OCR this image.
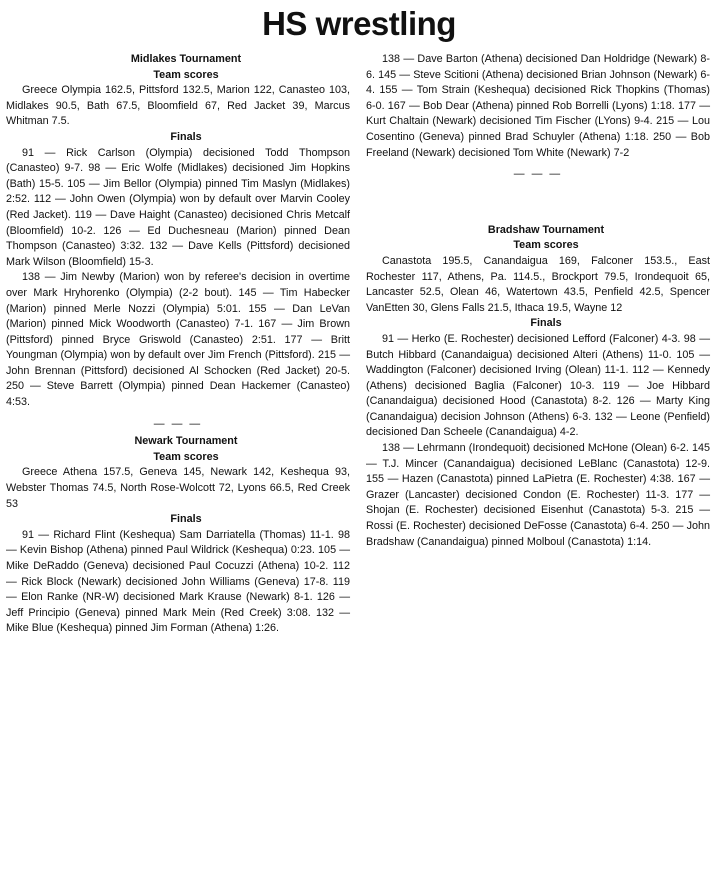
HS wrestling

Midlakes Tournament

Team scores

Greece Olympia 162.5, Pittsford 132.5, Marion 122, Canasteo 103, Midlakes 90.5, Bath 67.5, Bloomfield 67, Red Jacket 39, Marcus Whitman 7.5.

Finals

91 — Rick Carlson (Olympia) decisioned Todd Thompson (Canasteo) 9-7. 98 — Eric Wolfe (Midlakes) decisioned Jim Hopkins (Bath) 15-5. 105 — Jim Bellor (Olympia) pinned Tim Maslyn (Midlakes) 2:52. 112 — John Owen (Olympia) won by default over Marvin Cooley (Red Jacket). 119 — Dave Haight (Canasteo) decisioned Chris Metcalf (Bloomfield) 10-2. 126 — Ed Duchesneau (Marion) pinned Dean Thompson (Canasteo) 3:32. 132 — Dave Kells (Pittsford) decisioned Mark Wilson (Bloomfield) 15-3.

138 — Jim Newby (Marion) won by referee's decision in overtime over Mark Hryhorenko (Olympia) (2-2 bout). 145 — Tim Habecker (Marion) pinned Merle Nozzi (Olympia) 5:01. 155 — Dan LeVan (Marion) pinned Mick Woodworth (Canasteo) 7-1. 167 — Jim Brown (Pittsford) pinned Bryce Griswold (Canasteo) 2:51. 177 — Britt Youngman (Olympia) won by default over Jim French (Pittsford). 215 — John Brennan (Pittsford) decisioned Al Schocken (Red Jacket) 20-5. 250 — Steve Barrett (Olympia) pinned Dean Hackemer (Canasteo) 4:53.

— — —

Newark Tournament

Team scores

Greece Athena 157.5, Geneva 145, Newark 142, Keshequa 93, Webster Thomas 74.5, North Rose-Wolcott 72, Lyons 66.5, Red Creek 53

Finals

91 — Richard Flint (Keshequa) Sam Darriatella (Thomas) 11-1. 98 — Kevin Bishop (Athena) pinned Paul Wildrick (Keshequa) 0:23. 105 — Mike DeRaddo (Geneva) decisioned Paul Cocuzzi (Athena) 10-2. 112 — Rick Block (Newark) decisioned John Williams (Geneva) 17-8. 119 — Elon Ranke (NR-W) decisioned Mark Krause (Newark) 8-1. 126 — Jeff Principio (Geneva) pinned Mark Mein (Red Creek) 3:08. 132 — Mike Blue (Keshequa) pinned Jim Forman (Athena) 1:26.

138 — Dave Barton (Athena) decisioned Dan Holdridge (Newark) 8-6. 145 — Steve Scitioni (Athena) decisioned Brian Johnson (Newark) 6-4. 155 — Tom Strain (Keshequa) decisioned Rick Thopkins (Thomas) 6-0. 167 — Bob Dear (Athena) pinned Rob Borrelli (Lyons) 1:18. 177 — Kurt Chaltain (Newark) decisioned Tim Fischer (LYons) 9-4. 215 — Lou Cosentino (Geneva) pinned Brad Schuyler (Athena) 1:18. 250 — Bob Freeland (Newark) decisioned Tom White (Newark) 7-2

— — —

Bradshaw Tournament

Team scores

Canastota 195.5, Canandaigua 169, Falconer 153.5., East Rochester 117, Athens, Pa. 114.5., Brockport 79.5, Irondequoit 65, Lancaster 52.5, Olean 46, Watertown 43.5, Penfield 42.5, Spencer VanEtten 30, Glens Falls 21.5, Ithaca 19.5, Wayne 12

Finals

91 — Herko (E. Rochester) decisioned Lefford (Falconer) 4-3. 98 — Butch Hibbard (Canandaigua) decisioned Alteri (Athens) 11-0. 105 — Waddington (Falconer) decisioned Irving (Olean) 11-1. 112 — Kennedy (Athens) decisioned Baglia (Falconer) 10-3. 119 — Joe Hibbard (Canandaigua) decisioned Hood (Canastota) 8-2. 126 — Marty King (Canandaigua) decision Johnson (Athens) 6-3. 132 — Leone (Penfield) decisioned Dan Scheele (Canandaigua) 4-2.

138 — Lehrmann (Irondequoit) decisioned McHone (Olean) 6-2. 145 — T.J. Mincer (Canandaigua) decisioned LeBlanc (Canastota) 12-9. 155 — Hazen (Canastota) pinned LaPietra (E. Rochester) 4:38. 167 — Grazer (Lancaster) decisioned Condon (E. Rochester) 11-3. 177 — Shojan (E. Rochester) decisioned Eisenhut (Canastota) 5-3. 215 — Rossi (E. Rochester) decisioned DeFosse (Canastota) 6-4. 250 — John Bradshaw (Canandaigua) pinned Molboul (Canastota) 1:14.
